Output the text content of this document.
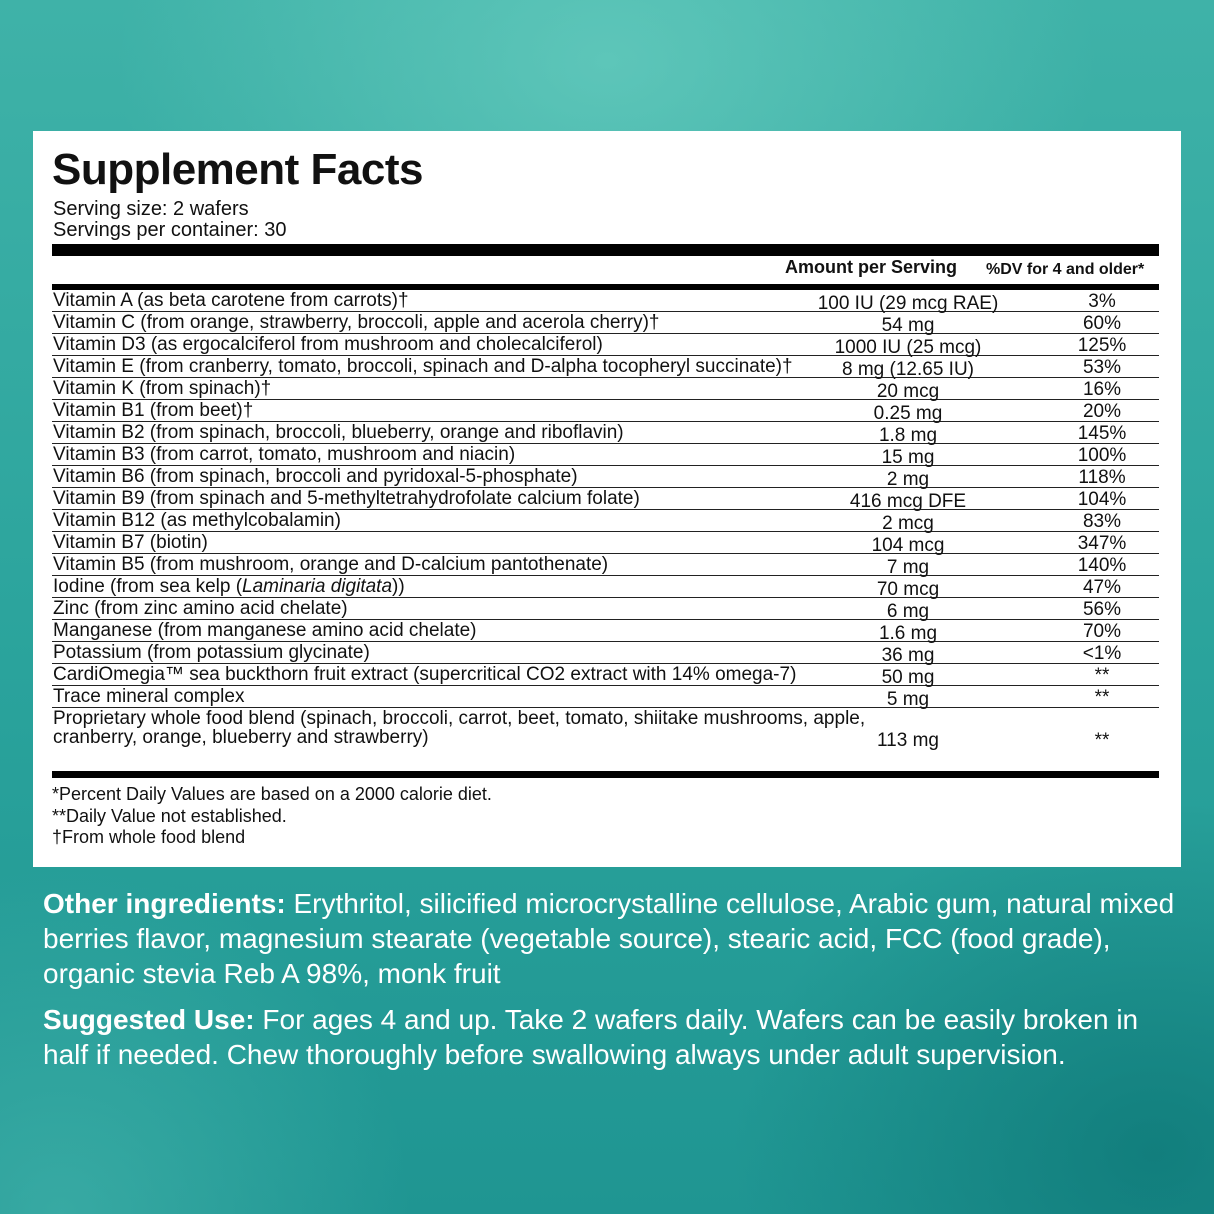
Supplement Facts
Serving size: 2 wafers
Servings per container: 30
Amount per Serving %DV for 4 and older*
Vitamin A (as beta carotene from carrots)†	100 IU (29 mcg RAE)	3%
Vitamin C (from orange, strawberry, broccoli, apple and acerola cherry)†	54 mg	60%
Vitamin D3 (as ergocalciferol from mushroom and cholecalciferol)	1000 IU (25 mcg)	125%
Vitamin E (from cranberry, tomato, broccoli, spinach and D-alpha tocopheryl succinate)†	8 mg (12.65 IU)	53%
Vitamin K (from spinach)†	20 mcg	16%
Vitamin B1 (from beet)†	0.25 mg	20%
Vitamin B2 (from spinach, broccoli, blueberry, orange and riboflavin)	1.8 mg	145%
Vitamin B3 (from carrot, tomato, mushroom and niacin)	15 mg	100%
Vitamin B6 (from spinach, broccoli and pyridoxal-5-phosphate)	2 mg	118%
Vitamin B9 (from spinach and 5-methyltetrahydrofolate calcium folate)	416 mcg DFE	104%
Vitamin B12 (as methylcobalamin)	2 mcg	83%
Vitamin B7 (biotin)	104 mcg	347%
Vitamin B5 (from mushroom, orange and D-calcium pantothenate)	7 mg	140%
Iodine (from sea kelp (Laminaria digitata))	70 mcg	47%
Zinc (from zinc amino acid chelate)	6 mg	56%
Manganese (from manganese amino acid chelate)	1.6 mg	70%
Potassium (from potassium glycinate)	36 mg	<1%
CardiOmegia™ sea buckthorn fruit extract (supercritical CO2 extract with 14% omega-7)	50 mg	**
Trace mineral complex	5 mg	**
Proprietary whole food blend (spinach, broccoli, carrot, beet, tomato, shiitake mushrooms, apple, cranberry, orange, blueberry and strawberry)	113 mg	**
*Percent Daily Values are based on a 2000 calorie diet.
**Daily Value not established.
†From whole food blend
Other ingredients: Erythritol, silicified microcrystalline cellulose, Arabic gum, natural mixed berries flavor, magnesium stearate (vegetable source), stearic acid, FCC (food grade), organic stevia Reb A 98%, monk fruit
Suggested Use: For ages 4 and up. Take 2 wafers daily. Wafers can be easily broken in half if needed. Chew thoroughly before swallowing always under adult supervision.
